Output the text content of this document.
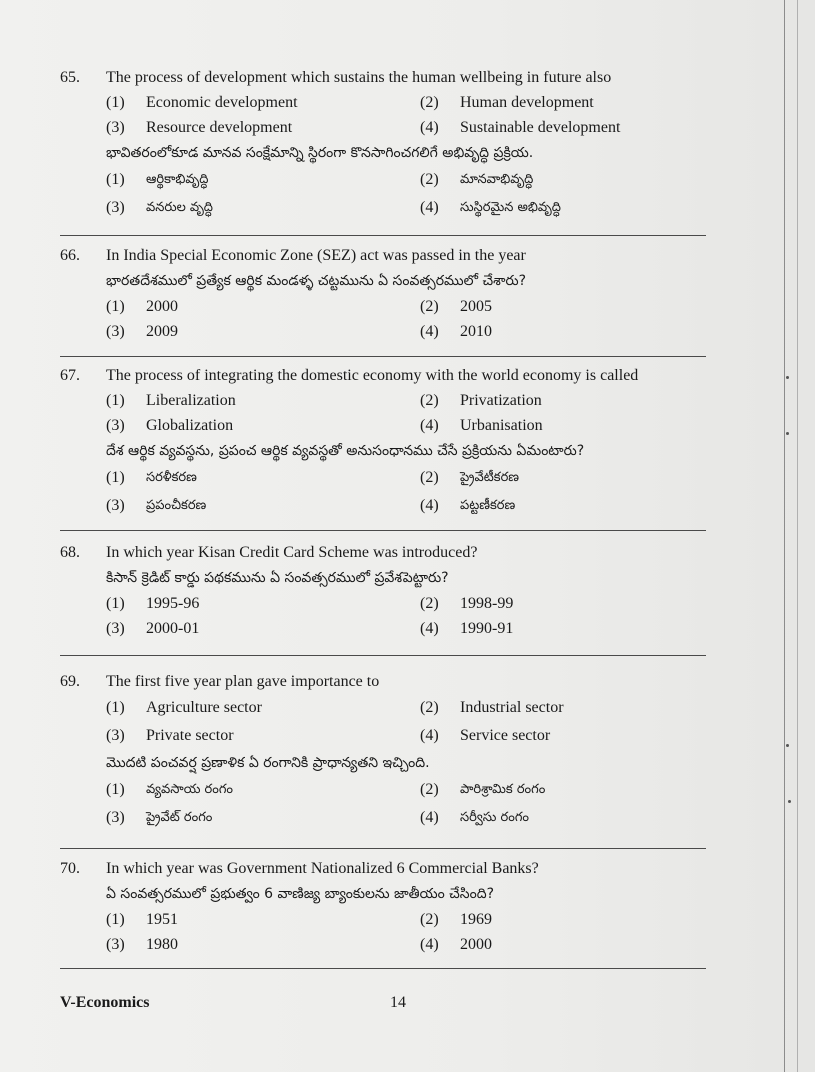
65.	The process of development which sustains the human wellbeing in future also
(1)	Economic development	(2)	Human development
(3)	Resource development	(4)	Sustainable development
భావితరంలోకూడ మానవ సంక్షేమాన్ని స్థిరంగా కొనసాగించగలిగే అభివృద్ధి ప్రక్రియ.
(1)	ఆర్థికాభివృద్ధి	(2)	మానవాభివృద్ధి
(3)	వనరుల వృద్ధి	(4)	సుస్థిరమైన అభివృద్ధి
66.	In India Special Economic Zone (SEZ) act was passed in the year
భారతదేశములో ప్రత్యేక ఆర్థిక మండళ్ళ చట్టమును ఏ సంవత్సరములో చేశారు?
(1)	2000	(2)	2005
(3)	2009	(4)	2010
67.	The process of integrating the domestic economy with the world economy is called
(1)	Liberalization	(2)	Privatization
(3)	Globalization	(4)	Urbanisation
దేశ ఆర్థిక వ్యవస్థను, ప్రపంచ ఆర్థిక వ్యవస్థతో అనుసంధానము చేసే ప్రక్రియను ఏమంటారు?
(1)	సరళీకరణ	(2)	ప్రైవేటీకరణ
(3)	ప్రపంచీకరణ	(4)	పట్టణీకరణ
68.	In which year Kisan Credit Card Scheme was introduced?
కిసాన్ క్రెడిట్ కార్డు పథకమును ఏ సంవత్సరములో ప్రవేశపెట్టారు?
(1)	1995-96	(2)	1998-99
(3)	2000-01	(4)	1990-91
69.	The first five year plan gave importance to
(1)	Agriculture sector	(2)	Industrial sector
(3)	Private sector	(4)	Service sector
మొదటి పంచవర్ష ప్రణాళిక ఏ రంగానికి ప్రాధాన్యతని ఇచ్చింది.
(1)	వ్యవసాయ రంగం	(2)	పారిశ్రామిక రంగం
(3)	ప్రైవేట్ రంగం	(4)	సర్వీసు రంగం
70.	In which year was Government Nationalized 6 Commercial Banks?
ఏ సంవత్సరములో ప్రభుత్వం 6 వాణిజ్య బ్యాంకులను జాతీయం చేసింది?
(1)	1951	(2)	1969
(3)	1980	(4)	2000
V-Economics	14
